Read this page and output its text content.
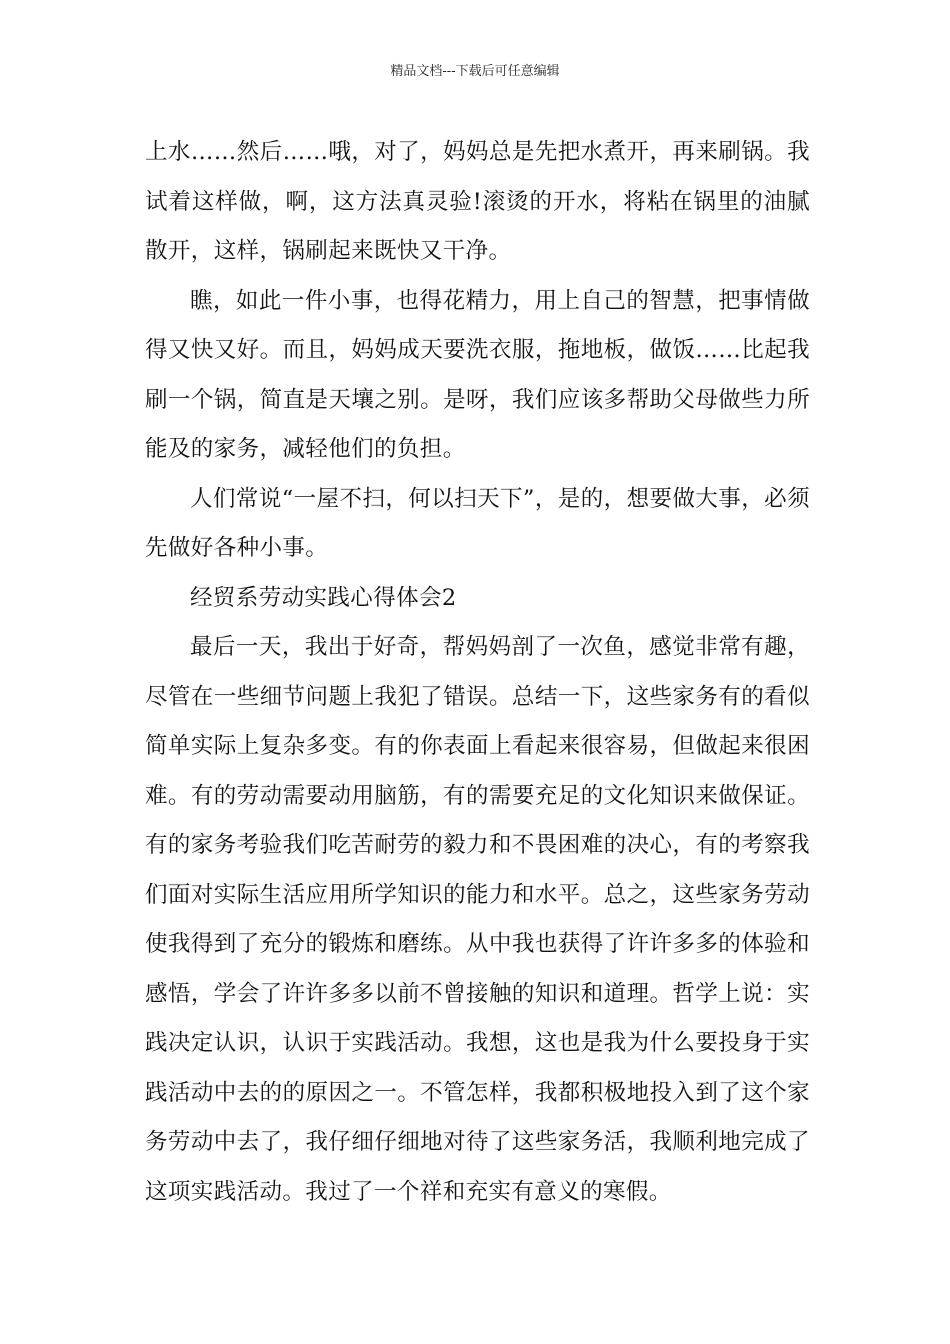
精品文档---下载后可任意编辑

上水……然后……哦，对了，妈妈总是先把水煮开，再来刷锅。我试着这样做，啊，这方法真灵验!滚烫的开水，将粘在锅里的油腻散开，这样，锅刷起来既快又干净。

瞧，如此一件小事，也得花精力，用上自己的智慧，把事情做得又快又好。而且，妈妈成天要洗衣服，拖地板，做饭……比起我刷一个锅，简直是天壤之别。是呀，我们应该多帮助父母做些力所能及的家务，减轻他们的负担。

人们常说“一屋不扫，何以扫天下”，是的，想要做大事，必须先做好各种小事。

经贸系劳动实践心得体会2

最后一天，我出于好奇，帮妈妈剖了一次鱼，感觉非常有趣，尽管在一些细节问题上我犯了错误。总结一下，这些家务有的看似简单实际上复杂多变。有的你表面上看起来很容易，但做起来很困难。有的劳动需要动用脑筋，有的需要充足的文化知识来做保证。有的家务考验我们吃苦耐劳的毅力和不畏困难的决心，有的考察我们面对实际生活应用所学知识的能力和水平。总之，这些家务劳动使我得到了充分的锻炼和磨练。从中我也获得了许许多多的体验和感悟，学会了许许多多以前不曾接触的知识和道理。哲学上说：实践决定认识，认识于实践活动。我想，这也是我为什么要投身于实践活动中去的的原因之一。不管怎样，我都积极地投入到了这个家务劳动中去了，我仔细仔细地对待了这些家务活，我顺利地完成了这项实践活动。我过了一个祥和充实有意义的寒假。
